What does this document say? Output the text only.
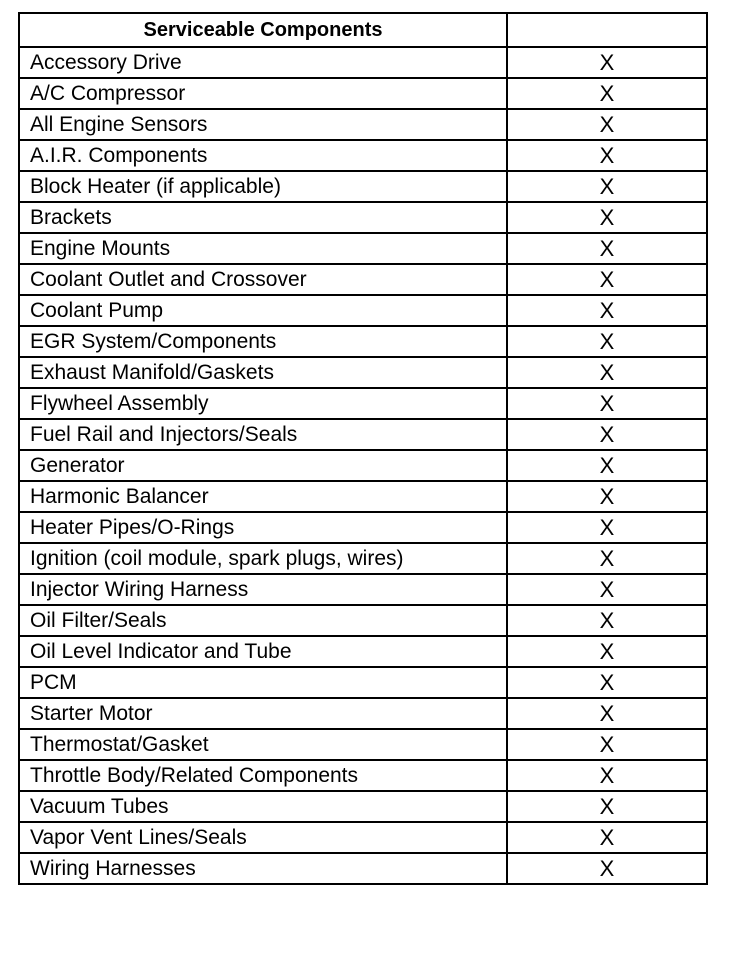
Serviceable Components	
Accessory Drive	X
A/C Compressor	X
All Engine Sensors	X
A.I.R. Components	X
Block Heater (if applicable)	X
Brackets	X
Engine Mounts	X
Coolant Outlet and Crossover	X
Coolant Pump	X
EGR System/Components	X
Exhaust Manifold/Gaskets	X
Flywheel Assembly	X
Fuel Rail and Injectors/Seals	X
Generator	X
Harmonic Balancer	X
Heater Pipes/O-Rings	X
Ignition (coil module, spark plugs, wires)	X
Injector Wiring Harness	X
Oil Filter/Seals	X
Oil Level Indicator and Tube	X
PCM	X
Starter Motor	X
Thermostat/Gasket	X
Throttle Body/Related Components	X
Vacuum Tubes	X
Vapor Vent Lines/Seals	X
Wiring Harnesses	X
